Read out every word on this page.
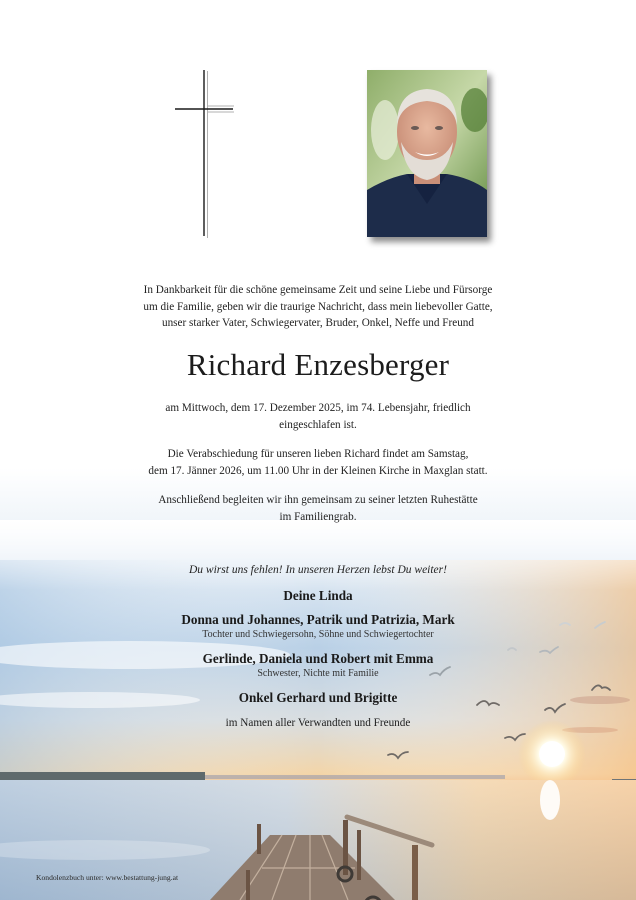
In Dankbarkeit für die schöne gemeinsame Zeit und seine Liebe und Fürsorge
um die Familie, geben wir die traurige Nachricht, dass mein liebevoller Gatte,
unser starker Vater, Schwiegervater, Bruder, Onkel, Neffe und Freund
Richard Enzesberger
am Mittwoch, dem 17. Dezember 2025, im 74. Lebensjahr, friedlich
eingeschlafen ist.
Die Verabschiedung für unseren lieben Richard findet am Samstag,
dem 17. Jänner 2026, um 11.00 Uhr in der Kleinen Kirche in Maxglan statt.
Anschließend begleiten wir ihn gemeinsam zu seiner letzten Ruhestätte
im Familiengrab.
Du wirst uns fehlen! In unseren Herzen lebst Du weiter!
Deine Linda
Donna und Johannes, Patrik und Patrizia, Mark
Tochter und Schwiegersohn, Söhne und Schwiegertochter
Gerlinde, Daniela und Robert mit Emma
Schwester, Nichte mit Familie
Onkel Gerhard und Brigitte
im Namen aller Verwandten und Freunde
Kondolenzbuch unter: www.bestattung-jung.at
